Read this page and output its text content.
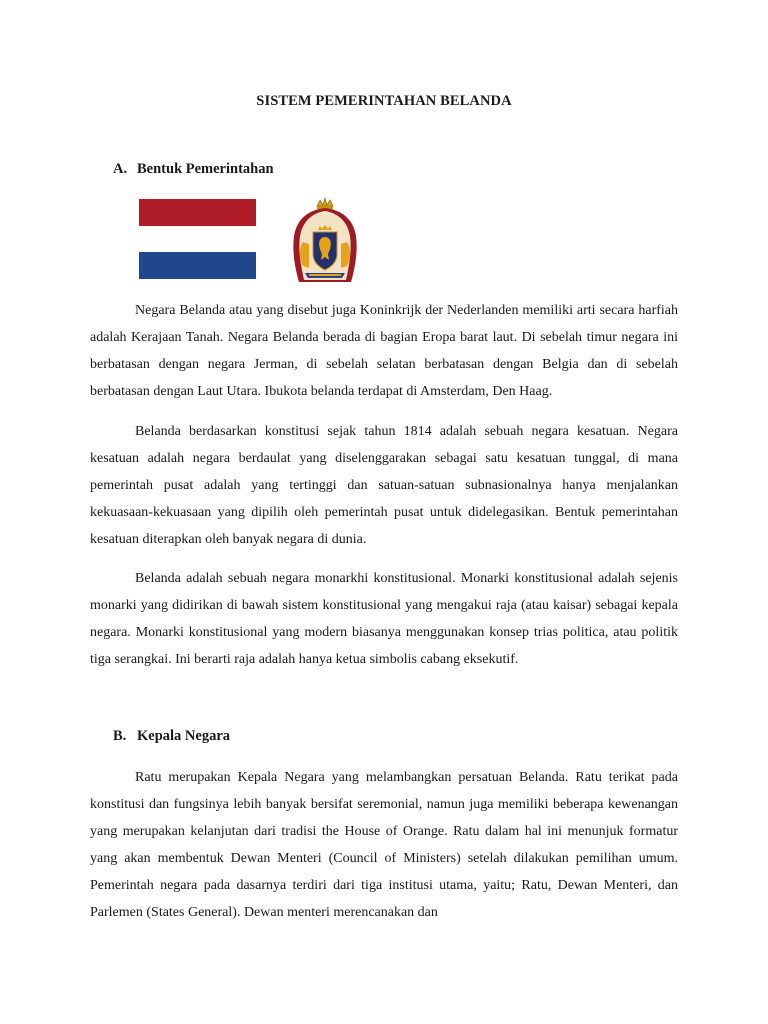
SISTEM PEMERINTAHAN BELANDA
A. Bentuk Pemerintahan

Negara Belanda atau yang disebut juga Koninkrijk der Nederlanden memiliki arti secara harfiah adalah Kerajaan Tanah. Negara Belanda berada di bagian Eropa barat laut. Di sebelah timur negara ini berbatasan dengan negara Jerman, di sebelah selatan berbatasan dengan Belgia dan di sebelah berbatasan dengan Laut Utara. Ibukota belanda terdapat di Amsterdam, Den Haag.

Belanda berdasarkan konstitusi sejak tahun 1814 adalah sebuah negara kesatuan. Negara kesatuan adalah negara berdaulat yang diselenggarakan sebagai satu kesatuan tunggal, di mana pemerintah pusat adalah yang tertinggi dan satuan-satuan subnasionalnya hanya menjalankan kekuasaan-kekuasaan yang dipilih oleh pemerintah pusat untuk didelegasikan. Bentuk pemerintahan kesatuan diterapkan oleh banyak negara di dunia.

Belanda adalah sebuah negara monarkhi konstitusional. Monarki konstitusional adalah sejenis monarki yang didirikan di bawah sistem konstitusional yang mengakui raja (atau kaisar) sebagai kepala negara. Monarki konstitusional yang modern biasanya menggunakan konsep trias politica, atau politik tiga serangkai. Ini berarti raja adalah hanya ketua simbolis cabang eksekutif.

B. Kepala Negara

Ratu merupakan Kepala Negara yang melambangkan persatuan Belanda. Ratu terikat pada konstitusi dan fungsinya lebih banyak bersifat seremonial, namun juga memiliki beberapa kewenangan yang merupakan kelanjutan dari tradisi the House of Orange. Ratu dalam hal ini menunjuk formatur yang akan membentuk Dewan Menteri (Council of Ministers) setelah dilakukan pemilihan umum. Pemerintah negara pada dasarnya terdiri dari tiga institusi utama, yaitu; Ratu, Dewan Menteri, dan Parlemen (States General). Dewan menteri merencanakan dan
